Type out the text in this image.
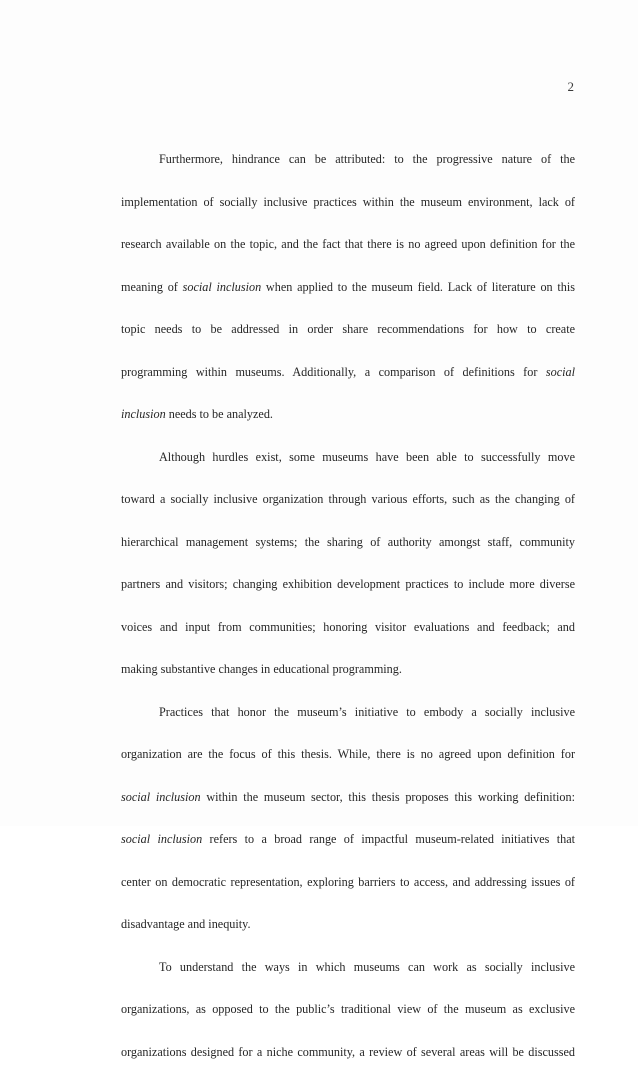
2
Furthermore, hindrance can be attributed: to the progressive nature of the
implementation of socially inclusive practices within the museum environment, lack of
research available on the topic, and the fact that there is no agreed upon definition for the
meaning of social inclusion when applied to the museum field. Lack of literature on this
topic needs to be addressed in order share recommendations for how to create
programming within museums. Additionally, a comparison of definitions for social
inclusion needs to be analyzed.
Although hurdles exist, some museums have been able to successfully move
toward a socially inclusive organization through various efforts, such as the changing of
hierarchical management systems; the sharing of authority amongst staff, community
partners and visitors; changing exhibition development practices to include more diverse
voices and input from communities; honoring visitor evaluations and feedback; and
making substantive changes in educational programming.
Practices that honor the museum’s initiative to embody a socially inclusive
organization are the focus of this thesis. While, there is no agreed upon definition for
social inclusion within the museum sector, this thesis proposes this working definition:
social inclusion refers to a broad range of impactful museum-related initiatives that
center on democratic representation, exploring barriers to access, and addressing issues of
disadvantage and inequity.
To understand the ways in which museums can work as socially inclusive
organizations, as opposed to the public’s traditional view of the museum as exclusive
organizations designed for a niche community, a review of several areas will be discussed
